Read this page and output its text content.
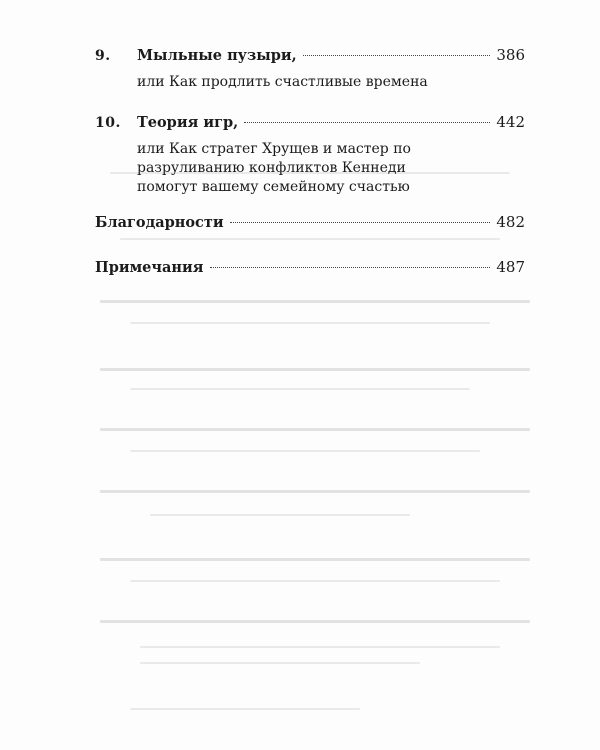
9.	Мыльные пузыри,	386
или Как продлить счастливые времена
10.	Теория игр,	442
или Как стратег Хрущев и мастер по разруливанию конфликтов Кеннеди помогут вашему семейному счастью
Благодарности	482
Примечания	487
